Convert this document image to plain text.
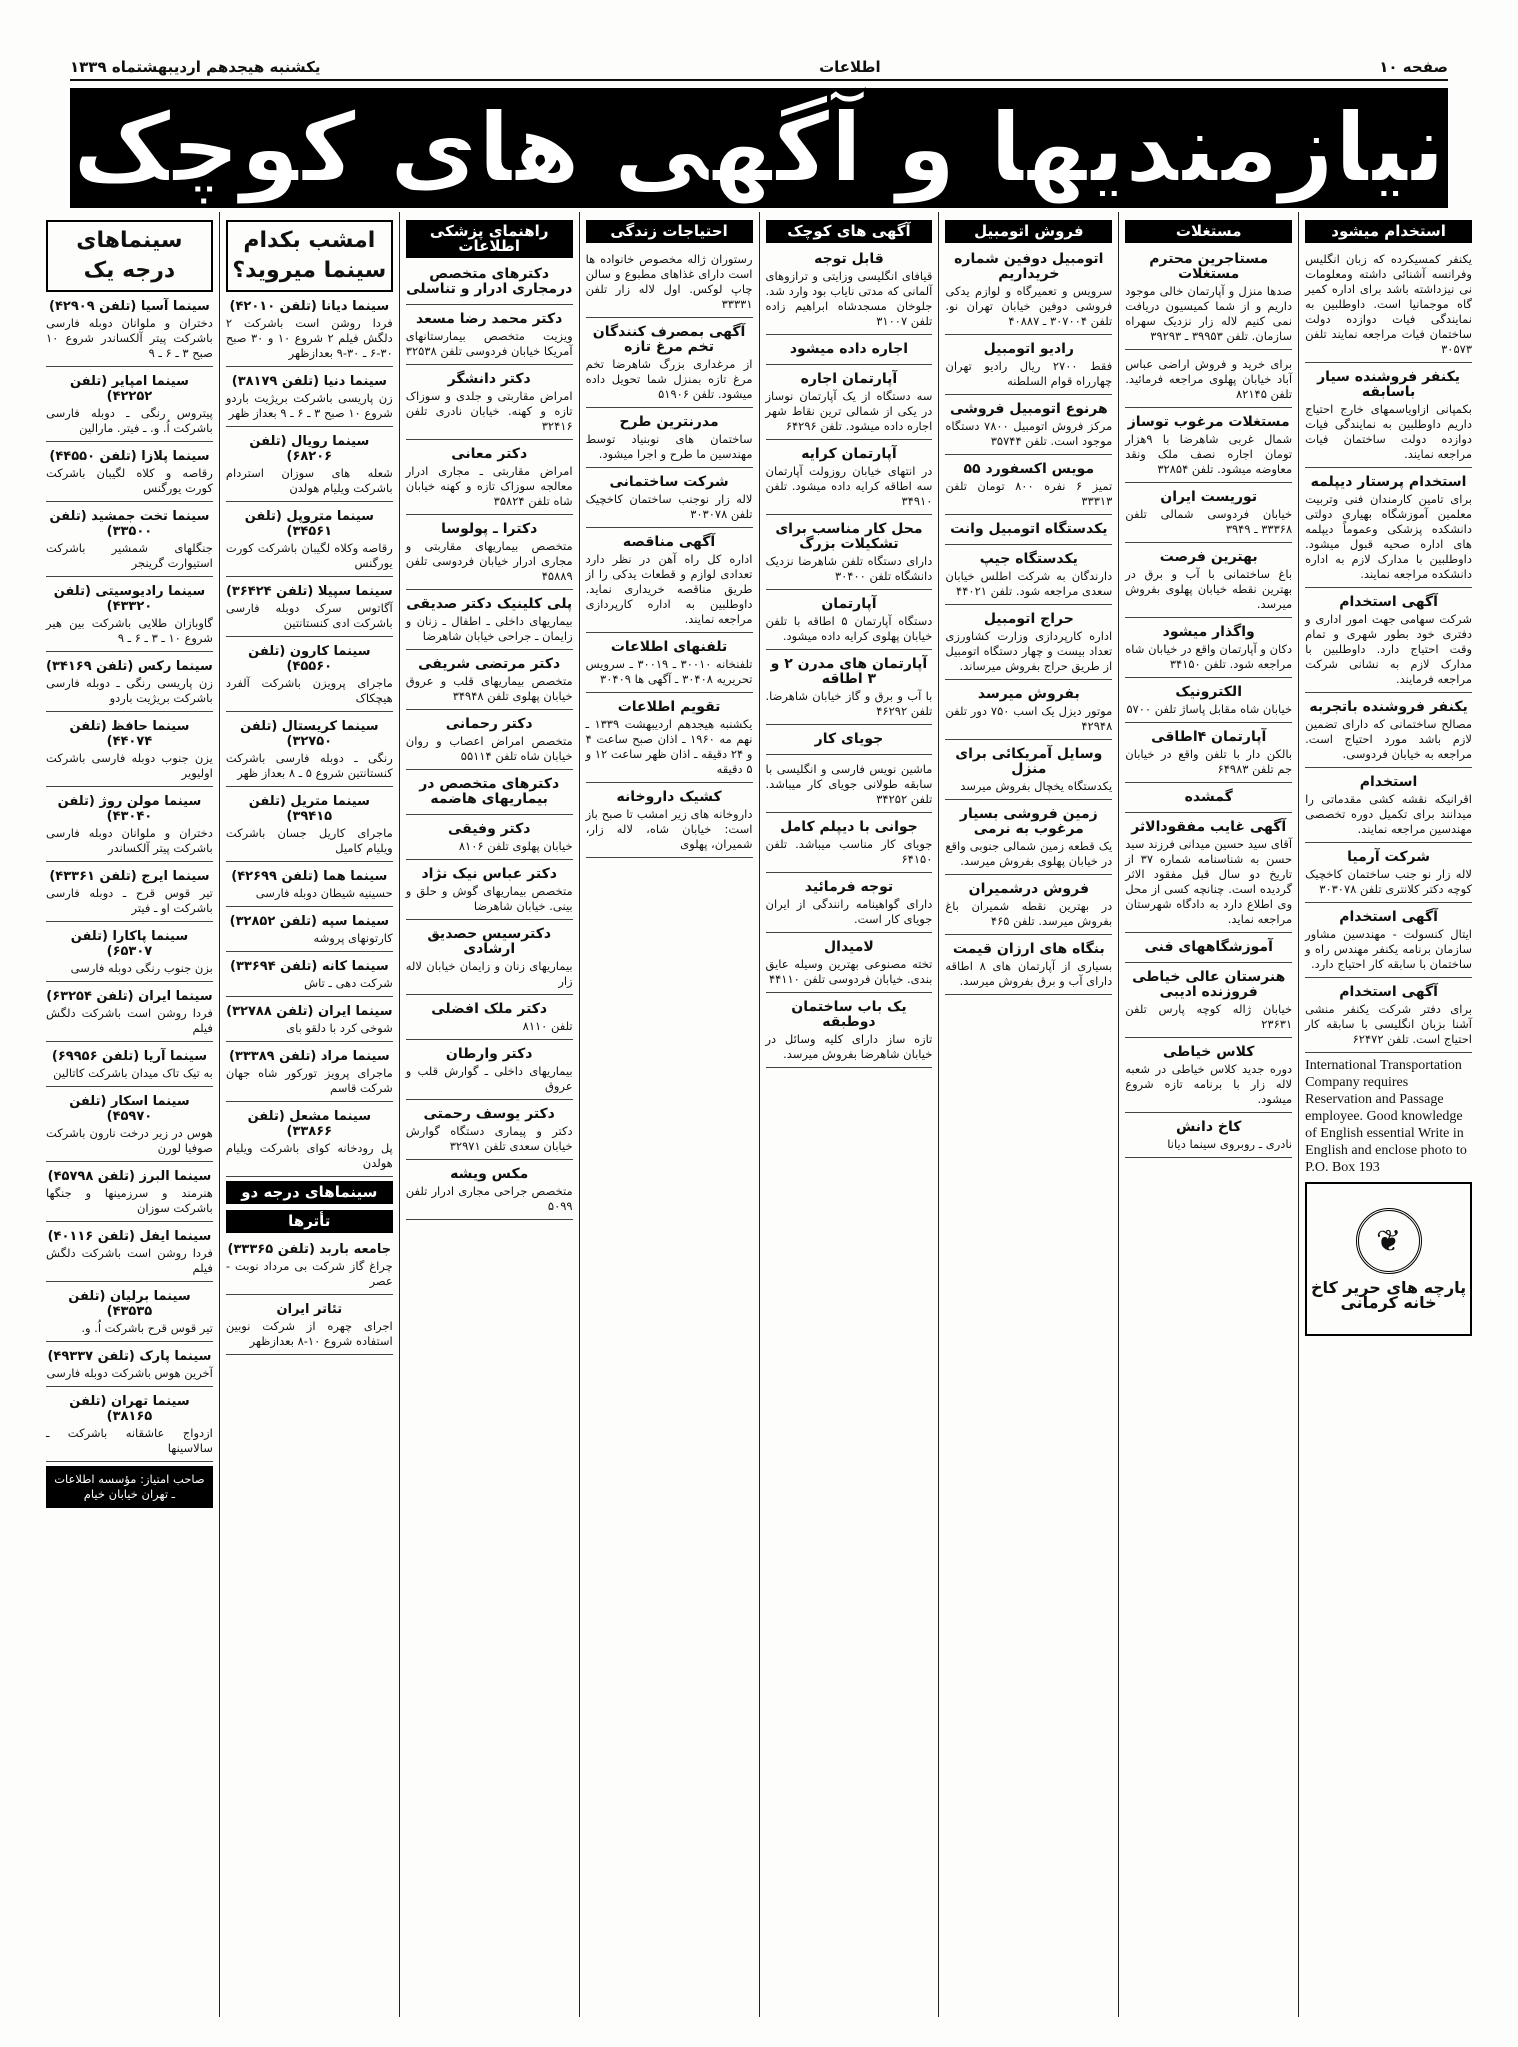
صفحه ۱۰
اطلاعات
یکشنبه هیجدهم اردیبهشتماه ۱۳۳۹
نیازمندیها و آگهی های کوچک
استخدام میشود

یکنفر کمسیکرده که زبان انگلیس وفرانسه آشنائی داشته ومعلومات نی نیزداشته باشد برای اداره کمیر گاه موجمانیا است. داوطلبین به نمایندگی فیات دوازده دولت ساختمان فیات مراجعه نمایند تلفن ۳۰۵۷۳

یکنفر فروشنده سیار باسابقه

بکمپانی ازاویاسمهای خارج احتیاج داریم داوطلبین به نمایندگی فیات دوازده دولت ساختمان فیات مراجعه نمایند.

استخدام پرستار دیپلمه

برای تامین کارمندان فنی وتربیت معلمین آموزشگاه بهیاری دولتی دانشکده پزشکی وعموماً دیپلمه های اداره صحیه قبول میشود. داوطلبین با مدارک لازم به اداره دانشکده مراجعه نمایند.

آگهی استخدام

شرکت سهامی جهت امور اداری و دفتری خود بطور شهری و تمام وقت احتیاج دارد. داوطلبین با مدارک لازم به نشانی شرکت مراجعه فرمایند.

یکنفر فروشنده باتجربه

مصالح ساختمانی که دارای تضمین لازم باشد مورد احتیاج است. مراجعه به خیابان فردوسی.

استخدام

اقرانیکه نقشه کشی مقدماتی را میدانند برای تکمیل دوره تخصصی مهندسین مراجعه نمایند.

شرکت آرمیا

لاله زار نو جنب ساختمان کاخچیک کوچه دکتر کلانتری تلفن ۳۰۳۰۷۸

آگهی استخدام

ایتال کنسولت - مهندسین مشاور سازمان برنامه یکنفر مهندس راه و ساختمان با سابقه کار احتیاج دارد.

آگهی استخدام

برای دفتر شرکت یکنفر منشی آشنا بزبان انگلیسی با سابقه کار احتیاج است. تلفن ۶۲۴۷۲

International Transportation Company requires Reservation and Passage employee. Good knowledge of English essential Write in English and enclose photo to P.O. Box 193
❦
پارچه های حریر کاخ خانه کرمانی
مستغلات
مستاجرین محترم مستغلات

صدها منزل و آپارتمان خالی موجود داریم و از شما کمیسیون دریافت نمی کنیم لاله زار نزدیک سهراه سازمان. تلفن ۳۹۹۵۳ ـ ۳۹۲۹۳

برای خرید و فروش اراضی عباس آباد خیابان پهلوی مراجعه فرمائید. تلفن ۸۲۱۴۵

مستغلات مرغوب توساز

شمال غربی شاهرضا با ۹هزار تومان اجاره نصف ملک ونقد معاوضه میشود. تلفن ۳۲۸۵۴

توریست ایران

خیابان فردوسی شمالی تلفن ۳۳۳۶۸ ـ ۳۹۴۹

بهترین فرصت

باغ ساختمانی با آب و برق در بهترین نقطه خیابان پهلوی بفروش میرسد.

واگذار میشود

دکان و آپارتمان واقع در خیابان شاه مراجعه شود. تلفن ۳۴۱۵۰

الکترونیک

خیابان شاه مقابل پاساژ تلفن ۵۷۰۰

آپارتمان ۴اطاقی

بالکن دار با تلفن واقع در خیابان جم تلفن ۶۴۹۸۳

گمشده
آگهی غایب مفقودالاثر

آقای سید حسین میدانی فرزند سید حسن به شناسنامه شماره ۳۷ از تاریخ دو سال قبل مفقود الاثر گردیده است. چنانچه کسی از محل وی اطلاع دارد به دادگاه شهرستان مراجعه نماید.

آموزشگاههای فنی
هنرستان عالی خیاطی فروزنده ادیبی

خیابان ژاله کوچه پارس تلفن ۲۳۶۳۱

کلاس خیاطی

دوره جدید کلاس خیاطی در شعبه لاله زار با برنامه تازه شروع میشود.

کاخ دانش

نادری ـ روبروی سینما دیانا

فروش اتومبیل
اتومبیل دوفین شماره خریداریم

سرویس و تعمیرگاه و لوازم یدکی فروشی دوفین خیابان تهران نو. تلفن ۳۰۷۰۰۴ ـ ۴۰۸۸۷

رادیو اتومبیل

فقط ۲۷۰۰ ریال رادیو تهران چهارراه قوام السلطنه

هرنوع اتومبیل فروشی

مرکز فروش اتومبیل ۷۸۰۰ دستگاه موجود است. تلفن ۳۵۷۴۴

مویس اکسفورد ۵۵

تمیز ۶ نفره ۸۰۰ تومان تلفن ۳۳۳۱۳

یکدستگاه اتومبیل وانت
یکدستگاه جیپ

دارندگان به شرکت اطلس خیابان سعدی مراجعه شود. تلفن ۴۴۰۲۱

حراج اتومبیل

اداره کارپردازی وزارت کشاورزی تعداد بیست و چهار دستگاه اتومبیل از طریق حراج بفروش میرساند.

بفروش میرسد

موتور دیزل یک اسب ۷۵۰ دور تلفن ۴۲۹۴۸

وسایل آمریکائی برای منزل

یکدستگاه یخچال بفروش میرسد

زمین فروشی بسیار مرغوب به نرمی

یک قطعه زمین شمالی جنوبی واقع در خیابان پهلوی بفروش میرسد.

فروش درشمیران

در بهترین نقطه شمیران باغ بفروش میرسد. تلفن ۴۶۵

بنگاه های ارزان قیمت

بسیاری از آپارتمان های ۸ اطاقه دارای آب و برق بفروش میرسد.

آگهی های کوچک
قابل توجه

قیافای انگلیسی وزایتی و ترازوهای آلمانی که مدتی نایاب بود وارد شد. جلوخان مسجدشاه ابراهیم زاده تلفن ۳۱۰۰۷

اجاره داده میشود
آپارتمان اجاره

سه دستگاه از یک آپارتمان نوساز در یکی از شمالی ترین نقاط شهر اجاره داده میشود. تلفن ۶۴۲۹۶

آپارتمان کرایه

در انتهای خیابان روزولت آپارتمان سه اطاقه کرایه داده میشود. تلفن ۳۴۹۱۰

محل کار مناسب برای تشکیلات بزرگ

دارای دستگاه تلفن شاهرضا نزدیک دانشگاه تلفن ۳۰۴۰۰

آپارتمان

دستگاه آپارتمان ۵ اطاقه با تلفن خیابان پهلوی کرایه داده میشود.

آپارتمان های مدرن ۲ و ۳ اطاقه

با آب و برق و گاز خیابان شاهرضا. تلفن ۴۶۲۹۲

جویای کار

ماشین نویس فارسی و انگلیسی با سابقه طولانی جویای کار میباشد. تلفن ۳۴۲۵۲

جوانی با دیپلم کامل

جویای کار مناسب میباشد. تلفن ۶۴۱۵۰

توجه فرمائید

دارای گواهینامه رانندگی از ایران جویای کار است.

لامیدال

تخته مصنوعی بهترین وسیله عایق بندی. خیابان فردوسی تلفن ۴۴۱۱۰

یک باب ساختمان دوطبقه

تازه ساز دارای کلیه وسائل در خیابان شاهرضا بفروش میرسد.

احتیاجات زندگی

رستوران ژاله مخصوص خانواده ها است دارای غذاهای مطبوع و سالن چاپ لوکس. اول لاله زار تلفن ۳۳۳۳۱

آگهی بمصرف کنندگان تخم مرغ تازه

از مرغداری بزرگ شاهرضا تخم مرغ تازه بمنزل شما تحویل داده میشود. تلفن ۵۱۹۰۶

مدرنترین طرح

ساختمان های نوبنیاد توسط مهندسین ما طرح و اجرا میشود.

شرکت ساختمانی

لاله زار نوجنب ساختمان کاخچیک تلفن ۳۰۳۰۷۸

آگهی مناقصه

اداره کل راه آهن در نظر دارد تعدادی لوازم و قطعات یدکی را از طریق مناقصه خریداری نماید. داوطلبین به اداره کارپردازی مراجعه نمایند.

تلفنهای اطلاعات

تلفنخانه ۳۰۰۱۰ ـ ۳۰۰۱۹ ـ سرویس تحریریه ۳۰۴۰۸ ـ آگهی ها ۳۰۴۰۹

تقویم اطلاعات

یکشنبه هیجدهم اردیبهشت ۱۳۳۹ ـ نهم مه ۱۹۶۰ ـ اذان صبح ساعت ۴ و ۲۴ دقیقه ـ اذان ظهر ساعت ۱۲ و ۵ دقیقه

کشیک داروخانه

داروخانه های زیر امشب تا صبح باز است: خیابان شاه، لاله زار، شمیران، پهلوی

راهنمای پزشکی اطلاعات
دکترهای متخصص درمجاری ادرار و تناسلی
دکتر محمد رضا مسعد

ویزیت متخصص بیمارستانهای آمریکا خیابان فردوسی تلفن ۳۲۵۳۸

دکتر دانشگر

امراض مقاربتی و جلدی و سوزاک تازه و کهنه. خیابان نادری تلفن ۳۲۴۱۶

دکتر معانی

امراض مقاربتی ـ مجاری ادرار معالجه سوزاک تازه و کهنه خیابان شاه تلفن ۳۵۸۲۴

دکترا ـ پولوسا

متخصص بیماریهای مقاربتی و مجاری ادرار خیابان فردوسی تلفن ۴۵۸۸۹

پلی کلینیک دکتر صدیقی

بیماریهای داخلی ـ اطفال ـ زنان و زایمان ـ جراحی خیابان شاهرضا

دکتر مرتضی شریفی

متخصص بیماریهای قلب و عروق خیابان پهلوی تلفن ۳۴۹۴۸

دکتر رحمانی

متخصص امراض اعصاب و روان خیابان شاه تلفن ۵۵۱۱۴

دکترهای متخصص در بیماریهای هاضمه
دکتر وفیقی

خیابان پهلوی تلفن ۸۱۰۶

دکتر عباس نیک نژاد

متخصص بیماریهای گوش و حلق و بینی. خیابان شاهرضا

دکترسیس حصدیق ارشادی

بیماریهای زنان و زایمان خیابان لاله زار

دکتر ملک افضلی

تلفن ۸۱۱۰

دکتر وارطان

بیماریهای داخلی ـ گوارش قلب و عروق

دکتر یوسف رحمتی

دکتر و پیماری دستگاه گوارش خیابان سعدی تلفن ۳۲۹۷۱

مکس ویشه

متخصص جراحی مجاری ادرار تلفن ۵۰۹۹

امشب بکدام سینما میروید؟
سینما دیانا (تلفن ۴۲۰۱۰)

فردا روشن است باشرکت ۲ دلگش فیلم ۲ شروع ۱۰ و ۳۰ صبح ۳۰-۶ ـ ۳۰-۹ بعدازظهر

سینما دنیا (تلفن ۳۸۱۷۹)

زن پاریسی باشرکت بریژیت باردو شروع ۱۰ صبح ۳ ـ ۶ ـ ۹ بعداز ظهر

سینما رویال (تلفن ۶۸۲۰۶)

شعله های سوزان استردام باشرکت ویلیام هولدن

سینما متروپل (تلفن ۳۴۵۶۱)

رقاصه وکلاه لگیبان باشرکت کورت یورگنس

سینما سپیلا (تلفن ۳۶۴۲۴)

آگاتوس سرک دوبله فارسی باشرکت ادی کنستانتین

سینما کارون (تلفن ۴۵۵۶۰)

ماجرای پرویزن باشرکت آلفرد هیچکاک

سینما کریستال (تلفن ۳۲۷۵۰)

رنگی ـ دوبله فارسی باشرکت کنستانتین شروع ۵ ـ ۸ بعداز ظهر

سینما متریل (تلفن ۳۹۴۱۵)

ماجرای کاریل جسان باشرکت ویلیام کامیل

سینما هما (تلفن ۴۲۶۹۹)

حسینیه شیطان دوبله فارسی

سینما سپه (تلفن ۳۲۸۵۲)

کارتونهای پروشه

سینما کانه (تلفن ۳۳۶۹۴)

شرکت دهی ـ تاش

سینما ایران (تلفن ۳۲۷۸۸)

شوخی کرد با دلقو بای

سینما مراد (تلفن ۳۳۳۸۹)

ماجرای پرویز تورکور شاه جهان شرکت قاسم

سینما مشعل (تلفن ۳۳۸۶۶)

پل رودخانه کوای باشرکت ویلیام هولدن

سینماهای درجه دو
تأترها
جامعه باربد (تلفن ۳۳۳۶۵)

چراغ گاز شرکت بی مرداد نوبت - عصر

تئاتر ایران

اجرای چهره از شرکت نوبین استفاده شروع ۱۰-۸ بعدازظهر

سینماهای درجه یک
سینما آسیا (تلفن ۴۲۹۰۹)

دختران و ملوانان دوبله فارسی باشرکت پیتر آلکساندر شروع ۱۰ صبح ۳ ـ ۶ ـ ۹

سینما امپایر (تلفن ۴۲۲۵۲)

پیتروس رنگی ـ دوبله فارسی باشرکت اُ. و. ـ فیتر. مارالین

سینما پلازا (تلفن ۴۴۵۵۰)

رقاصه و کلاه لگیبان باشرکت کورت یورگنس

سینما تخت جمشید (تلفن ۳۳۵۰۰)

جنگلهای شمشیر باشرکت استیوارت گرینجر

سینما رادیوسیتی (تلفن ۴۳۳۲۰)

گاوبازان طلایی باشرکت بین هیر شروع ۱۰ ـ ۳ ـ ۶ ـ ۹

سینما رکس (تلفن ۳۴۱۶۹)

زن پاریسی رنگی ـ دوبله فارسی باشرکت بریژیت باردو

سینما حافظ (تلفن ۴۴۰۷۴)

یزن جنوب دوبله فارسی باشرکت اولیویر

سینما مولن روژ (تلفن ۴۳۰۴۰)

دختران و ملوانان دوبله فارسی باشرکت پیتر آلکساندر

سینما ایرج (تلفن ۴۳۳۶۱)

تیر قوس قرح ـ دوبله فارسی باشرکت او ـ فیتر

سینما پاکارا (تلفن ۶۵۳۰۷)

بزن جنوب رنگی دوبله فارسی

سینما ایران (تلفن ۶۳۲۵۴)

فردا روشن است باشرکت دلگش فیلم

سینما آریا (تلفن ۶۹۹۵۶)

به تیک تاک میدان باشرکت کاتالین

سینما اسکار (تلفن ۴۵۹۷۰)

هوس در زیر درخت نارون باشرکت صوفیا لورن

سینما البرز (تلفن ۴۵۷۹۸)

هنرمند و سرزمینها و جنگها باشرکت سوزان

سینما ایفل (تلفن ۴۰۱۱۶)

فردا روشن است باشرکت دلگش فیلم

سینما برلیان (تلفن ۴۳۵۳۵)

تیر قوس قرح باشرکت اُ. و.

سینما پارک (تلفن ۴۹۳۳۷)

آخرین هوس باشرکت دوبله فارسی

سینما تهران (تلفن ۳۸۱۶۵)

ازدواج عاشقانه باشرکت ـ سالاسینها

صاحب امتیاز: مؤسسه اطلاعات ـ تهران خیابان خیام
